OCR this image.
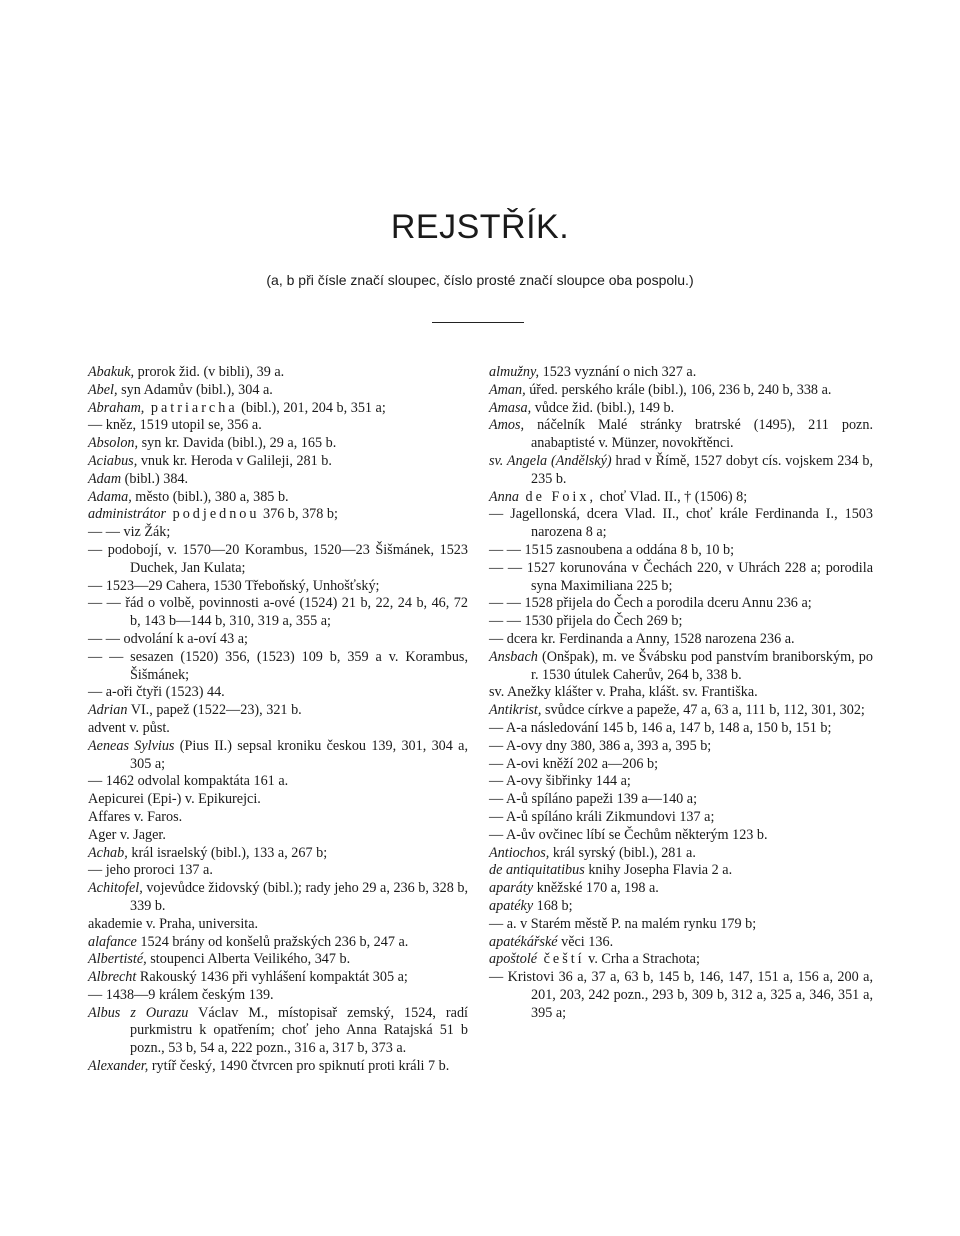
REJSTŘÍK.
(a, b při čísle značí sloupec, číslo prosté značí sloupce oba pospolu.)

Abakuk, prorok žid. (v bibli), 39 a.

Abel, syn Adamův (bibl.), 304 a.

Abraham, patriarcha (bibl.), 201, 204 b, 351 a;

— kněz, 1519 utopil se, 356 a.

Absolon, syn kr. Davida (bibl.), 29 a, 165 b.

Aciabus, vnuk kr. Heroda v Galileji, 281 b.

Adam (bibl.) 384.

Adama, město (bibl.), 380 a, 385 b.

administrátor podjednou 376 b, 378 b;

— — viz Žák;

— podobojí, v. 1570—20 Korambus, 1520—23 Šišmánek, 1523 Duchek, Jan Kulata;

— 1523—29 Cahera, 1530 Třeboňský, Unhošťský;

— — řád o volbě, povinnosti a-ové (1524) 21 b, 22, 24 b, 46, 72 b, 143 b—144 b, 310, 319 a, 355 a;

— — odvolání k a-oví 43 a;

— — sesazen (1520) 356, (1523) 109 b, 359 a v. Korambus, Šišmánek;

— a-oři čtyři (1523) 44.

Adrian VI., papež (1522—23), 321 b.

advent v. půst.

Aeneas Sylvius (Pius II.) sepsal kroniku českou 139, 301, 304 a, 305 a;

— 1462 odvolal kompaktáta 161 a.

Aepicurei (Epi-) v. Epikurejci.

Affares v. Faros.

Ager v. Jager.

Achab, král israelský (bibl.), 133 a, 267 b;

— jeho proroci 137 a.

Achitofel, vojevůdce židovský (bibl.); rady jeho 29 a, 236 b, 328 b, 339 b.

akademie v. Praha, universita.

alafance 1524 brány od konšelů pražských 236 b, 247 a.

Albertisté, stoupenci Alberta Veilikého, 347 b.

Albrecht Rakouský 1436 při vyhlášení kompaktát 305 a;

— 1438—9 králem českým 139.

Albus z Ourazu Václav M., místopisař zemský, 1524, radí purkmistru k opatřením; choť jeho Anna Ratajská 51 b pozn., 53 b, 54 a, 222 pozn., 316 a, 317 b, 373 a.

Alexander, rytíř český, 1490 čtvrcen pro spiknutí proti králi 7 b.

almužny, 1523 vyznání o nich 327 a.

Aman, úřed. perského krále (bibl.), 106, 236 b, 240 b, 338 a.

Amasa, vůdce žid. (bibl.), 149 b.

Amos, náčelník Malé stránky bratrské (1495), 211 pozn. anabaptisté v. Münzer, novokřtěnci.

sv. Angela (Andělský) hrad v Římě, 1527 dobyt cís. vojskem 234 b, 235 b.

Anna de Foix, choť Vlad. II., † (1506) 8;

— Jagellonská, dcera Vlad. II., choť krále Ferdinanda I., 1503 narozena 8 a;

— — 1515 zasnoubena a oddána 8 b, 10 b;

— — 1527 korunována v Čechách 220, v Uhrách 228 a; porodila syna Maximiliana 225 b;

— — 1528 přijela do Čech a porodila dceru Annu 236 a;

— — 1530 přijela do Čech 269 b;

— dcera kr. Ferdinanda a Anny, 1528 narozena 236 a.

Ansbach (Onšpak), m. ve Švábsku pod panstvím braniborským, po r. 1530 útulek Caherův, 264 b, 338 b.

sv. Anežky klášter v. Praha, klášt. sv. Františka.

Antikrist, svůdce církve a papeže, 47 a, 63 a, 111 b, 112, 301, 302;

— A-a následování 145 b, 146 a, 147 b, 148 a, 150 b, 151 b;

— A-ovy dny 380, 386 a, 393 a, 395 b;

— A-ovi kněží 202 a—206 b;

— A-ovy šibřinky 144 a;

— A-ů spíláno papeži 139 a—140 a;

— A-ů spíláno králi Zikmundovi 137 a;

— A-ův ovčinec líbí se Čechům některým 123 b.

Antiochos, král syrský (bibl.), 281 a.

de antiquitatibus knihy Josepha Flavia 2 a.

aparáty kněžské 170 a, 198 a.

apatéky 168 b;

— a. v Starém městě P. na malém rynku 179 b;

apatékářské věci 136.

apoštolé čeští v. Crha a Strachota;

— Kristovi 36 a, 37 a, 63 b, 145 b, 146, 147, 151 a, 156 a, 200 a, 201, 203, 242 pozn., 293 b, 309 b, 312 a, 325 a, 346, 351 a, 395 a;
